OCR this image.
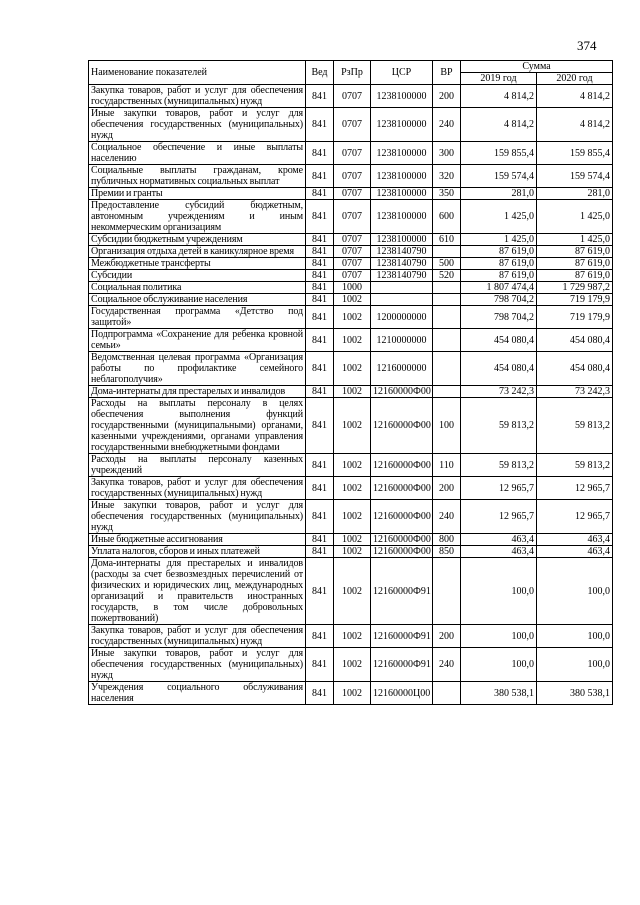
374
Наименование показателей	Вед	РзПр	ЦСР	ВР	Сумма	
					2019 год	2020 год
Закупка товаров, работ и услуг для обеспечения государственных (муниципальных) нужд	841	0707	1238100000	200	4 814,2	4 814,2
Иные закупки товаров, работ и услуг для обеспечения государственных (муниципальных) нужд	841	0707	1238100000	240	4 814,2	4 814,2
Социальное обеспечение и иные выплаты населению	841	0707	1238100000	300	159 855,4	159 855,4
Социальные выплаты гражданам, кроме публичных нормативных социальных выплат	841	0707	1238100000	320	159 574,4	159 574,4
Премии и гранты	841	0707	1238100000	350	281,0	281,0
Предоставление субсидий бюджетным, автономным учреждениям и иным некоммерческим организациям	841	0707	1238100000	600	1 425,0	1 425,0
Субсидии бюджетным учреждениям	841	0707	1238100000	610	1 425,0	1 425,0
Организация отдыха детей в каникулярное время	841	0707	1238140790		87 619,0	87 619,0
Межбюджетные трансферты	841	0707	1238140790	500	87 619,0	87 619,0
Субсидии	841	0707	1238140790	520	87 619,0	87 619,0
Социальная политика	841	1000			1 807 474,4	1 729 987,2
Социальное обслуживание населения	841	1002			798 704,2	719 179,9
Государственная программа «Детство под защитой»	841	1002	1200000000		798 704,2	719 179,9
Подпрограмма «Сохранение для ребенка кровной семьи»	841	1002	1210000000		454 080,4	454 080,4
Ведомственная целевая программа «Организация работы по профилактике семейного неблагополучия»	841	1002	1216000000		454 080,4	454 080,4
Дома-интернаты для престарелых и инвалидов	841	1002	12160000Ф00		73 242,3	73 242,3
Расходы на выплаты персоналу в целях обеспечения выполнения функций государственными (муниципальными) органами, казенными учреждениями, органами управления государственными внебюджетными фондами	841	1002	12160000Ф00	100	59 813,2	59 813,2
Расходы на выплаты персоналу казенных учреждений	841	1002	12160000Ф00	110	59 813,2	59 813,2
Закупка товаров, работ и услуг для обеспечения государственных (муниципальных) нужд	841	1002	12160000Ф00	200	12 965,7	12 965,7
Иные закупки товаров, работ и услуг для обеспечения государственных (муниципальных) нужд	841	1002	12160000Ф00	240	12 965,7	12 965,7
Иные бюджетные ассигнования	841	1002	12160000Ф00	800	463,4	463,4
Уплата налогов, сборов и иных платежей	841	1002	12160000Ф00	850	463,4	463,4
Дома-интернаты для престарелых и инвалидов (расходы за счет безвозмездных перечислений от физических и юридических лиц, международных организаций и правительств иностранных государств, в том числе добровольных пожертвований)	841	1002	12160000Ф91		100,0	100,0
Закупка товаров, работ и услуг для обеспечения государственных (муниципальных) нужд	841	1002	12160000Ф91	200	100,0	100,0
Иные закупки товаров, работ и услуг для обеспечения государственных (муниципальных) нужд	841	1002	12160000Ф91	240	100,0	100,0
Учреждения социального обслуживания населения	841	1002	12160000Ц00		380 538,1	380 538,1
